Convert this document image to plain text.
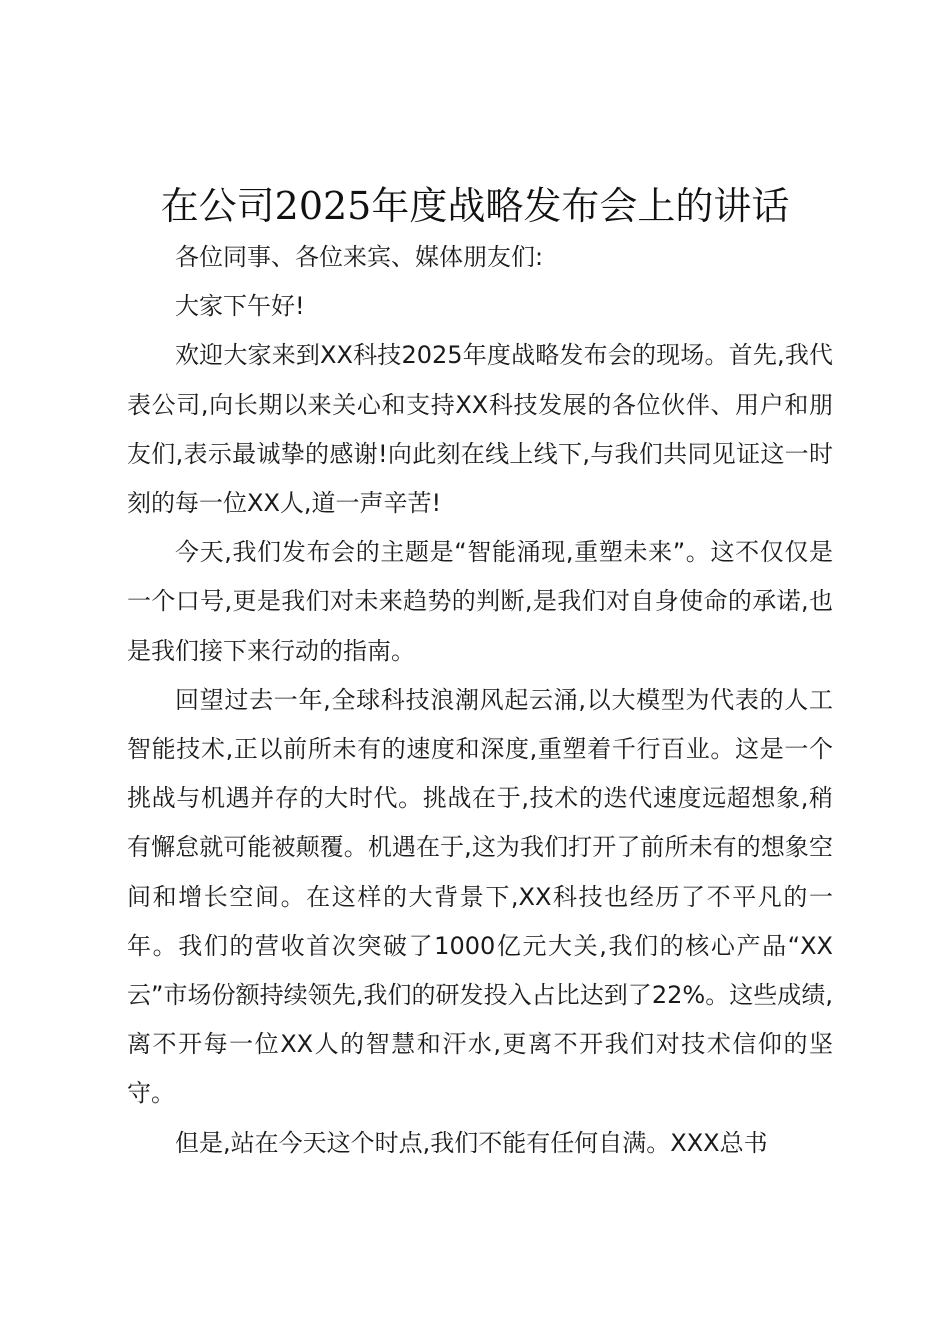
在公司2025年度战略发布会上的讲话

各位同事、各位来宾、媒体朋友们:

大家下午好!

欢迎大家来到XX科技2025年度战略发布会的现场。首先,我代表公司,向长期以来关心和支持XX科技发展的各位伙伴、用户和朋友们,表示最诚挚的感谢!向此刻在线上线下,与我们共同见证这一时刻的每一位XX人,道一声辛苦!

今天,我们发布会的主题是“智能涌现,重塑未来”。这不仅仅是一个口号,更是我们对未来趋势的判断,是我们对自身使命的承诺,也是我们接下来行动的指南。

回望过去一年,全球科技浪潮风起云涌,以大模型为代表的人工智能技术,正以前所未有的速度和深度,重塑着千行百业。这是一个挑战与机遇并存的大时代。挑战在于,技术的迭代速度远超想象,稍有懈怠就可能被颠覆。机遇在于,这为我们打开了前所未有的想象空间和增长空间。在这样的大背景下,XX科技也经历了不平凡的一年。我们的营收首次突破了1000亿元大关,我们的核心产品“XX云”市场份额持续领先,我们的研发投入占比达到了22%。这些成绩,离不开每一位XX人的智慧和汗水,更离不开我们对技术信仰的坚守。

但是,站在今天这个时点,我们不能有任何自满。XXX总书
